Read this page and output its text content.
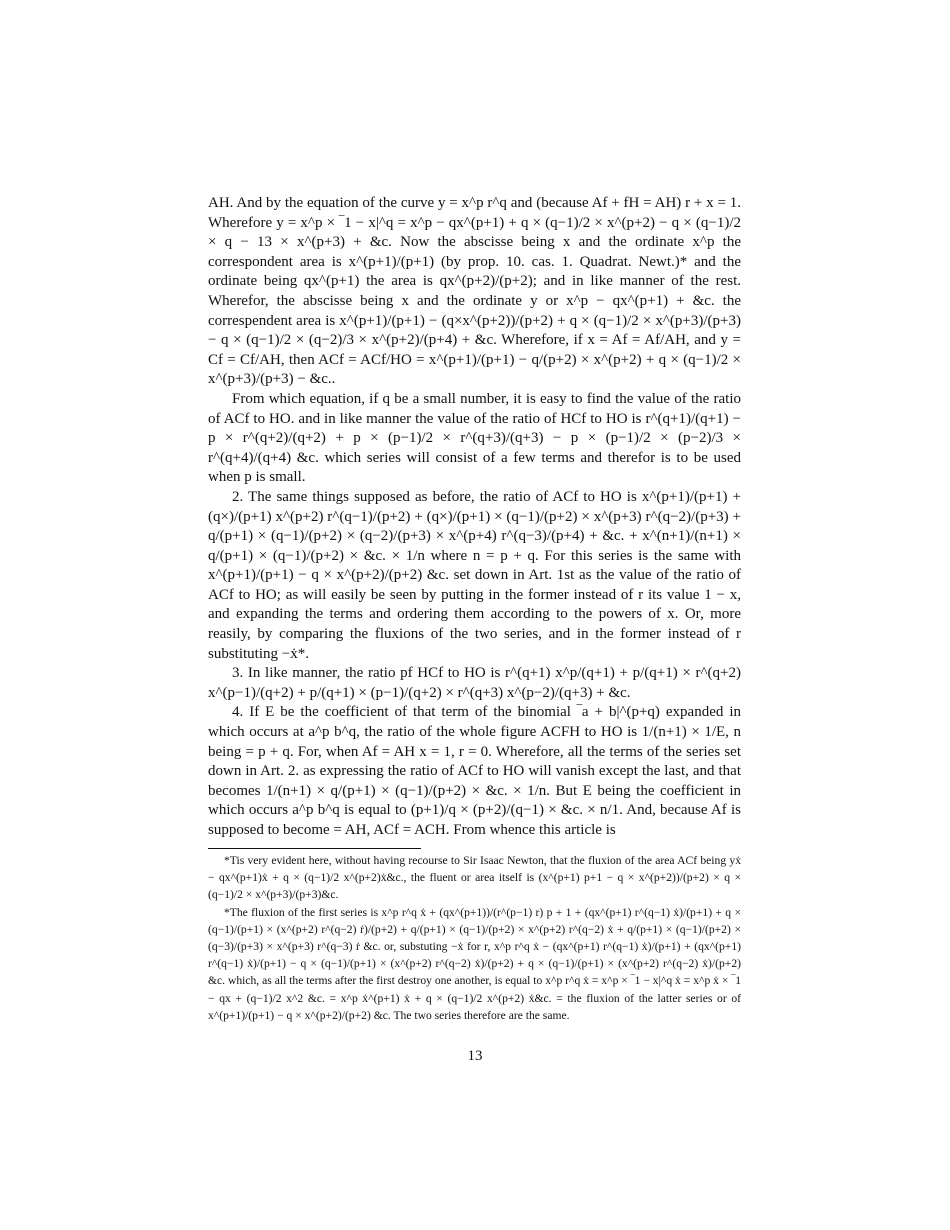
AH. And by the equation of the curve y = x^p r^q and (because Af + fH = AH) r + x = 1. Wherefore y = x^p × ‾1 − x|^q = x^p − qx^(p+1) + q × (q−1)/2 × x^(p+2) − q × (q−1)/2 × q − 13 × x^(p+3) + &c. Now the abscisse being x and the ordinate x^p the correspondent area is x^(p+1)/(p+1) (by prop. 10. cas. 1. Quadrat. Newt.)* and the ordinate being qx^(p+1) the area is qx^(p+2)/(p+2); and in like manner of the rest. Wherefor, the abscisse being x and the ordinate y or x^p − qx^(p+1) + &c. the correspendent area is x^(p+1)/(p+1) − (q×x^(p+2))/(p+2) + q × (q−1)/2 × x^(p+3)/(p+3) − q × (q−1)/2 × (q−2)/3 × x^(p+2)/(p+4) + &c. Wherefore, if x = Af = Af/AH, and y = Cf = Cf/AH, then ACf = ACf/HO = x^(p+1)/(p+1) − q/(p+2) × x^(p+2) + q × (q−1)/2 × x^(p+3)/(p+3) − &c..

From which equation, if q be a small number, it is easy to find the value of the ratio of ACf to HO. and in like manner the value of the ratio of HCf to HO is r^(q+1)/(q+1) − p × r^(q+2)/(q+2) + p × (p−1)/2 × r^(q+3)/(q+3) − p × (p−1)/2 × (p−2)/3 × r^(q+4)/(q+4) &c. which series will consist of a few terms and therefor is to be used when p is small.

2. The same things supposed as before, the ratio of ACf to HO is x^(p+1)/(p+1) + (q×)/(p+1) x^(p+2) r^(q−1)/(p+2) + (q×)/(p+1) × (q−1)/(p+2) × x^(p+3) r^(q−2)/(p+3) + q/(p+1) × (q−1)/(p+2) × (q−2)/(p+3) × x^(p+4) r^(q−3)/(p+4) + &c. + x^(n+1)/(n+1) × q/(p+1) × (q−1)/(p+2) × &c. × 1/n where n = p + q. For this series is the same with x^(p+1)/(p+1) − q × x^(p+2)/(p+2) &c. set down in Art. 1st as the value of the ratio of ACf to HO; as will easily be seen by putting in the former instead of r its value 1 − x, and expanding the terms and ordering them according to the powers of x. Or, more reasily, by comparing the fluxions of the two series, and in the former instead of r substituting −ẋ*.

3. In like manner, the ratio pf HCf to HO is r^(q+1) x^p/(q+1) + p/(q+1) × r^(q+2) x^(p−1)/(q+2) + p/(q+1) × (p−1)/(q+2) × r^(q+3) x^(p−2)/(q+3) + &c.

4. If E be the coefficient of that term of the binomial ‾a + b|^(p+q) expanded in which occurs at a^p b^q, the ratio of the whole figure ACFH to HO is 1/(n+1) × 1/E, n being = p + q. For, when Af = AH x = 1, r = 0. Wherefore, all the terms of the series set down in Art. 2. as expressing the ratio of ACf to HO will vanish except the last, and that becomes 1/(n+1) × q/(p+1) × (q−1)/(p+2) × &c. × 1/n. But E being the coefficient in which occurs a^p b^q is equal to (p+1)/q × (p+2)/(q−1) × &c. × n/1. And, because Af is supposed to become = AH, ACf = ACH. From whence this article is

*Tis very evident here, without having recourse to Sir Isaac Newton, that the fluxion of the area ACf being yẋ − qx^(p+1)ẋ + q × (q−1)/2 x^(p+2)ẋ&c., the fluent or area itself is (x^(p+1) p+1 − q × x^(p+2))/(p+2) × q × (q−1)/2 × x^(p+3)/(p+3)&c.

*The fluxion of the first series is x^p r^q ẋ + (qx^(p+1))/(r^(p−1) r) p + 1 + (qx^(p+1) r^(q−1) ẋ)/(p+1) + q × (q−1)/(p+1) × (x^(p+2) r^(q−2) ṙ)/(p+2) + q/(p+1) × (q−1)/(p+2) × x^(p+2) r^(q−2) ẋ + q/(p+1) × (q−1)/(p+2) × (q−3)/(p+3) × x^(p+3) r^(q−3) ṙ &c. or, substuting −ẋ for r, x^p r^q ẋ − (qx^(p+1) r^(q−1) ẋ)/(p+1) + (qx^(p+1) r^(q−1) ẋ)/(p+1) − q × (q−1)/(p+1) × (x^(p+2) r^(q−2) ẋ)/(p+2) + q × (q−1)/(p+1) × (x^(p+2) r^(q−2) ẋ)/(p+2) &c. which, as all the terms after the first destroy one another, is equal to x^p r^q ẋ = x^p × ‾1 − x|^q ẋ = x^p ẋ × ‾1 − qx + (q−1)/2 x^2 &c. = x^p ẋ^(p+1) ẋ + q × (q−1)/2 x^(p+2) ẋ&c. = the fluxion of the latter series or of x^(p+1)/(p+1) − q × x^(p+2)/(p+2) &c. The two series therefore are the same.

13
